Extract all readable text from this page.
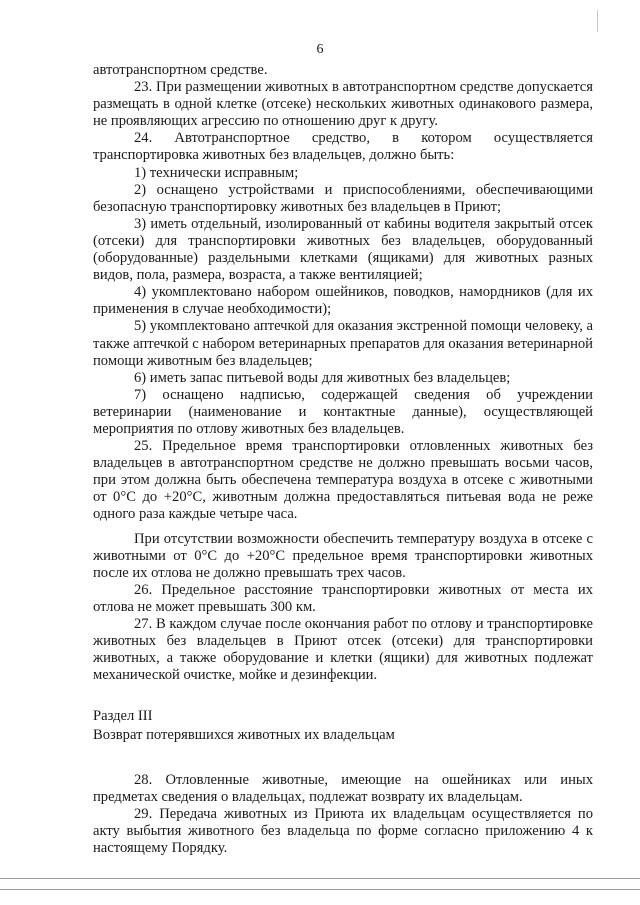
6

автотранспортном средстве.

23. При размещении животных в автотранспортном средстве допускается размещать в одной клетке (отсеке) нескольких животных одинакового размера, не проявляющих агрессию по отношению друг к другу.

24. Автотранспортное средство, в котором осуществляется транспортировка животных без владельцев, должно быть:

1) технически исправным;

2) оснащено устройствами и приспособлениями, обеспечивающими безопасную транспортировку животных без владельцев в Приют;

3) иметь отдельный, изолированный от кабины водителя закрытый отсек (отсеки) для транспортировки животных без владельцев, оборудованный (оборудованные) раздельными клетками (ящиками) для животных разных видов, пола, размера, возраста, а также вентиляцией;

4) укомплектовано набором ошейников, поводков, намордников (для их применения в случае необходимости);

5) укомплектовано аптечкой для оказания экстренной помощи человеку, а также аптечкой с набором ветеринарных препаратов для оказания ветеринарной помощи животным без владельцев;

6) иметь запас питьевой воды для животных без владельцев;

7) оснащено надписью, содержащей сведения об учреждении ветеринарии (наименование и контактные данные), осуществляющей мероприятия по отлову животных без владельцев.

25. Предельное время транспортировки отловленных животных без владельцев в автотранспортном средстве не должно превышать восьми часов, при этом должна быть обеспечена температура воздуха в отсеке с животными от 0°С до +20°С, животным должна предоставляться питьевая вода не реже одного раза каждые четыре часа.

При отсутствии возможности обеспечить температуру воздуха в отсеке с животными от 0°С до +20°С предельное время транспортировки животных после их отлова не должно превышать трех часов.

26. Предельное расстояние транспортировки животных от места их отлова не может превышать 300 км.

27. В каждом случае после окончания работ по отлову и транспортировке животных без владельцев в Приют отсек (отсеки) для транспортировки животных, а также оборудование и клетки (ящики) для животных подлежат механической очистке, мойке и дезинфекции.

Раздел III

Возврат потерявшихся животных их владельцам

28. Отловленные животные, имеющие на ошейниках или иных предметах сведения о владельцах, подлежат возврату их владельцам.

29. Передача животных из Приюта их владельцам осуществляется по акту выбытия животного без владельца по форме согласно приложению 4 к настоящему Порядку.
